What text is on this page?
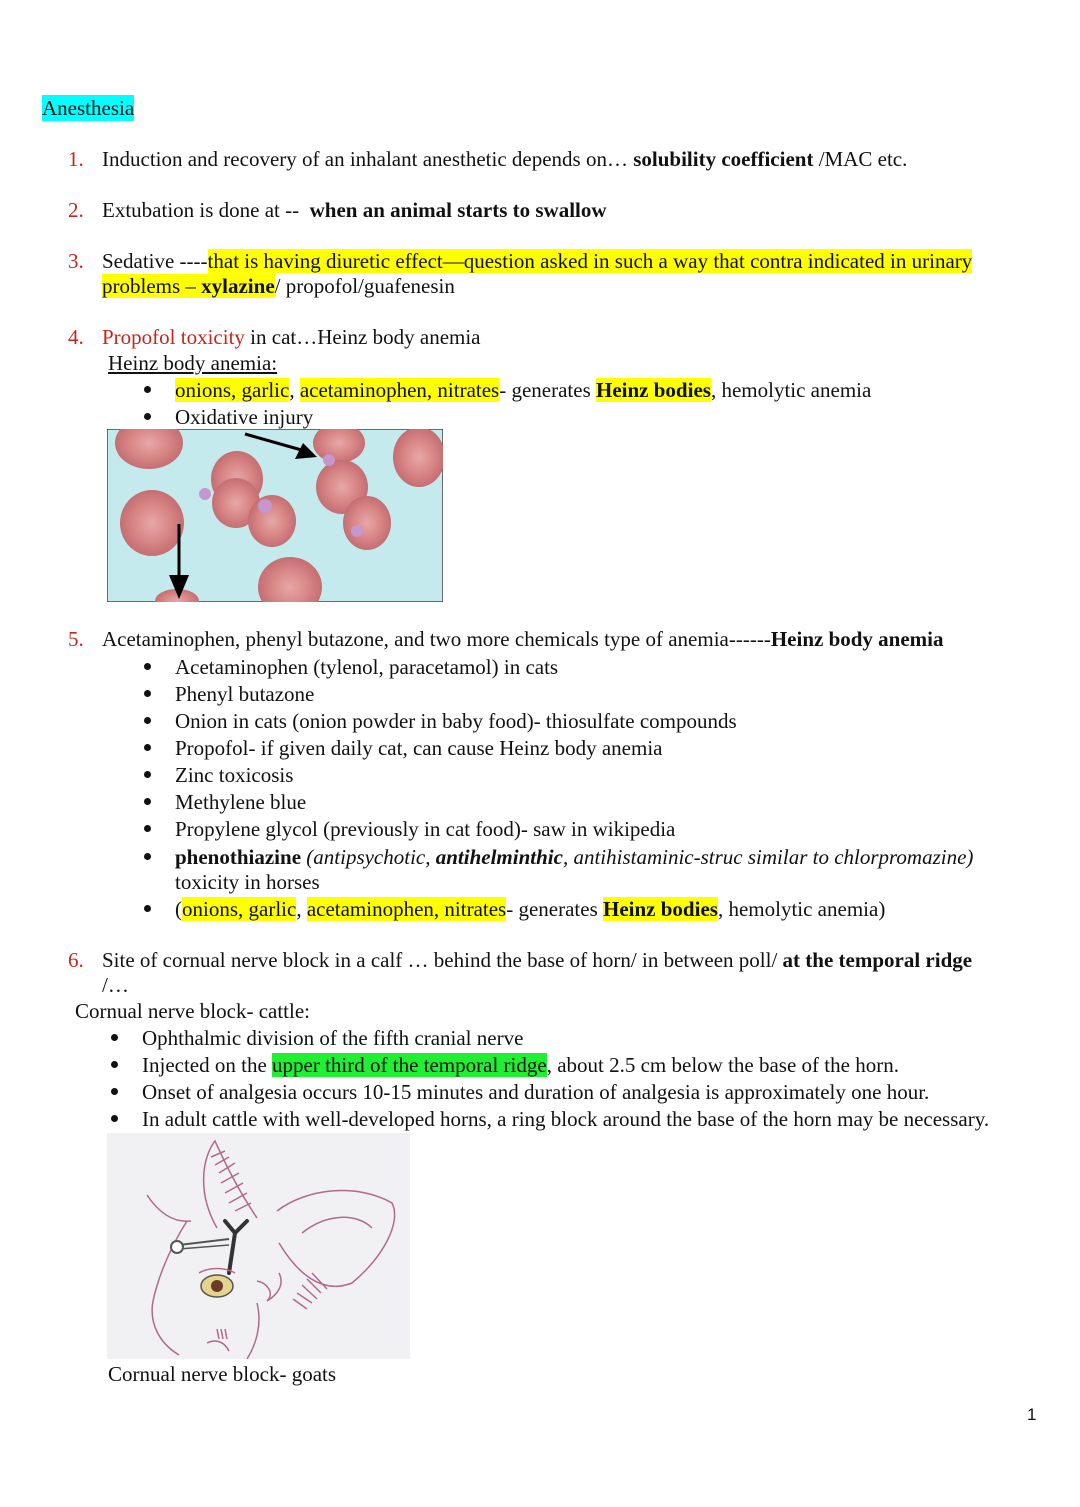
Anesthesia
1. Induction and recovery of an inhalant anesthetic depends on… solubility coefficient /MAC etc.
2. Extubation is done at --  when an animal starts to swallow
3. Sedative ----that is having diuretic effect—question asked in such a way that contra indicated in urinary
problems – xylazine/ propofol/guafenesin
4. Propofol toxicity in cat…Heinz body anemia
Heinz body anemia:
onions, garlic, acetaminophen, nitrates- generates Heinz bodies, hemolytic anemia
Oxidative injury
5. Acetaminophen, phenyl butazone, and two more chemicals type of anemia------Heinz body anemia
Acetaminophen (tylenol, paracetamol) in cats
Phenyl butazone
Onion in cats (onion powder in baby food)- thiosulfate compounds
Propofol- if given daily cat, can cause Heinz body anemia
Zinc toxicosis
Methylene blue
Propylene glycol (previously in cat food)- saw in wikipedia
phenothiazine (antipsychotic, antihelminthic, antihistaminic-struc similar to chlorpromazine)
toxicity in horses
(onions, garlic, acetaminophen, nitrates- generates Heinz bodies, hemolytic anemia)
6. Site of cornual nerve block in a calf … behind the base of horn/ in between poll/ at the temporal ridge
/…
Cornual nerve block- cattle:
Ophthalmic division of the fifth cranial nerve
Injected on the upper third of the temporal ridge, about 2.5 cm below the base of the horn.
Onset of analgesia occurs 10-15 minutes and duration of analgesia is approximately one hour.
In adult cattle with well-developed horns, a ring block around the base of the horn may be necessary.
Cornual nerve block- goats
1
